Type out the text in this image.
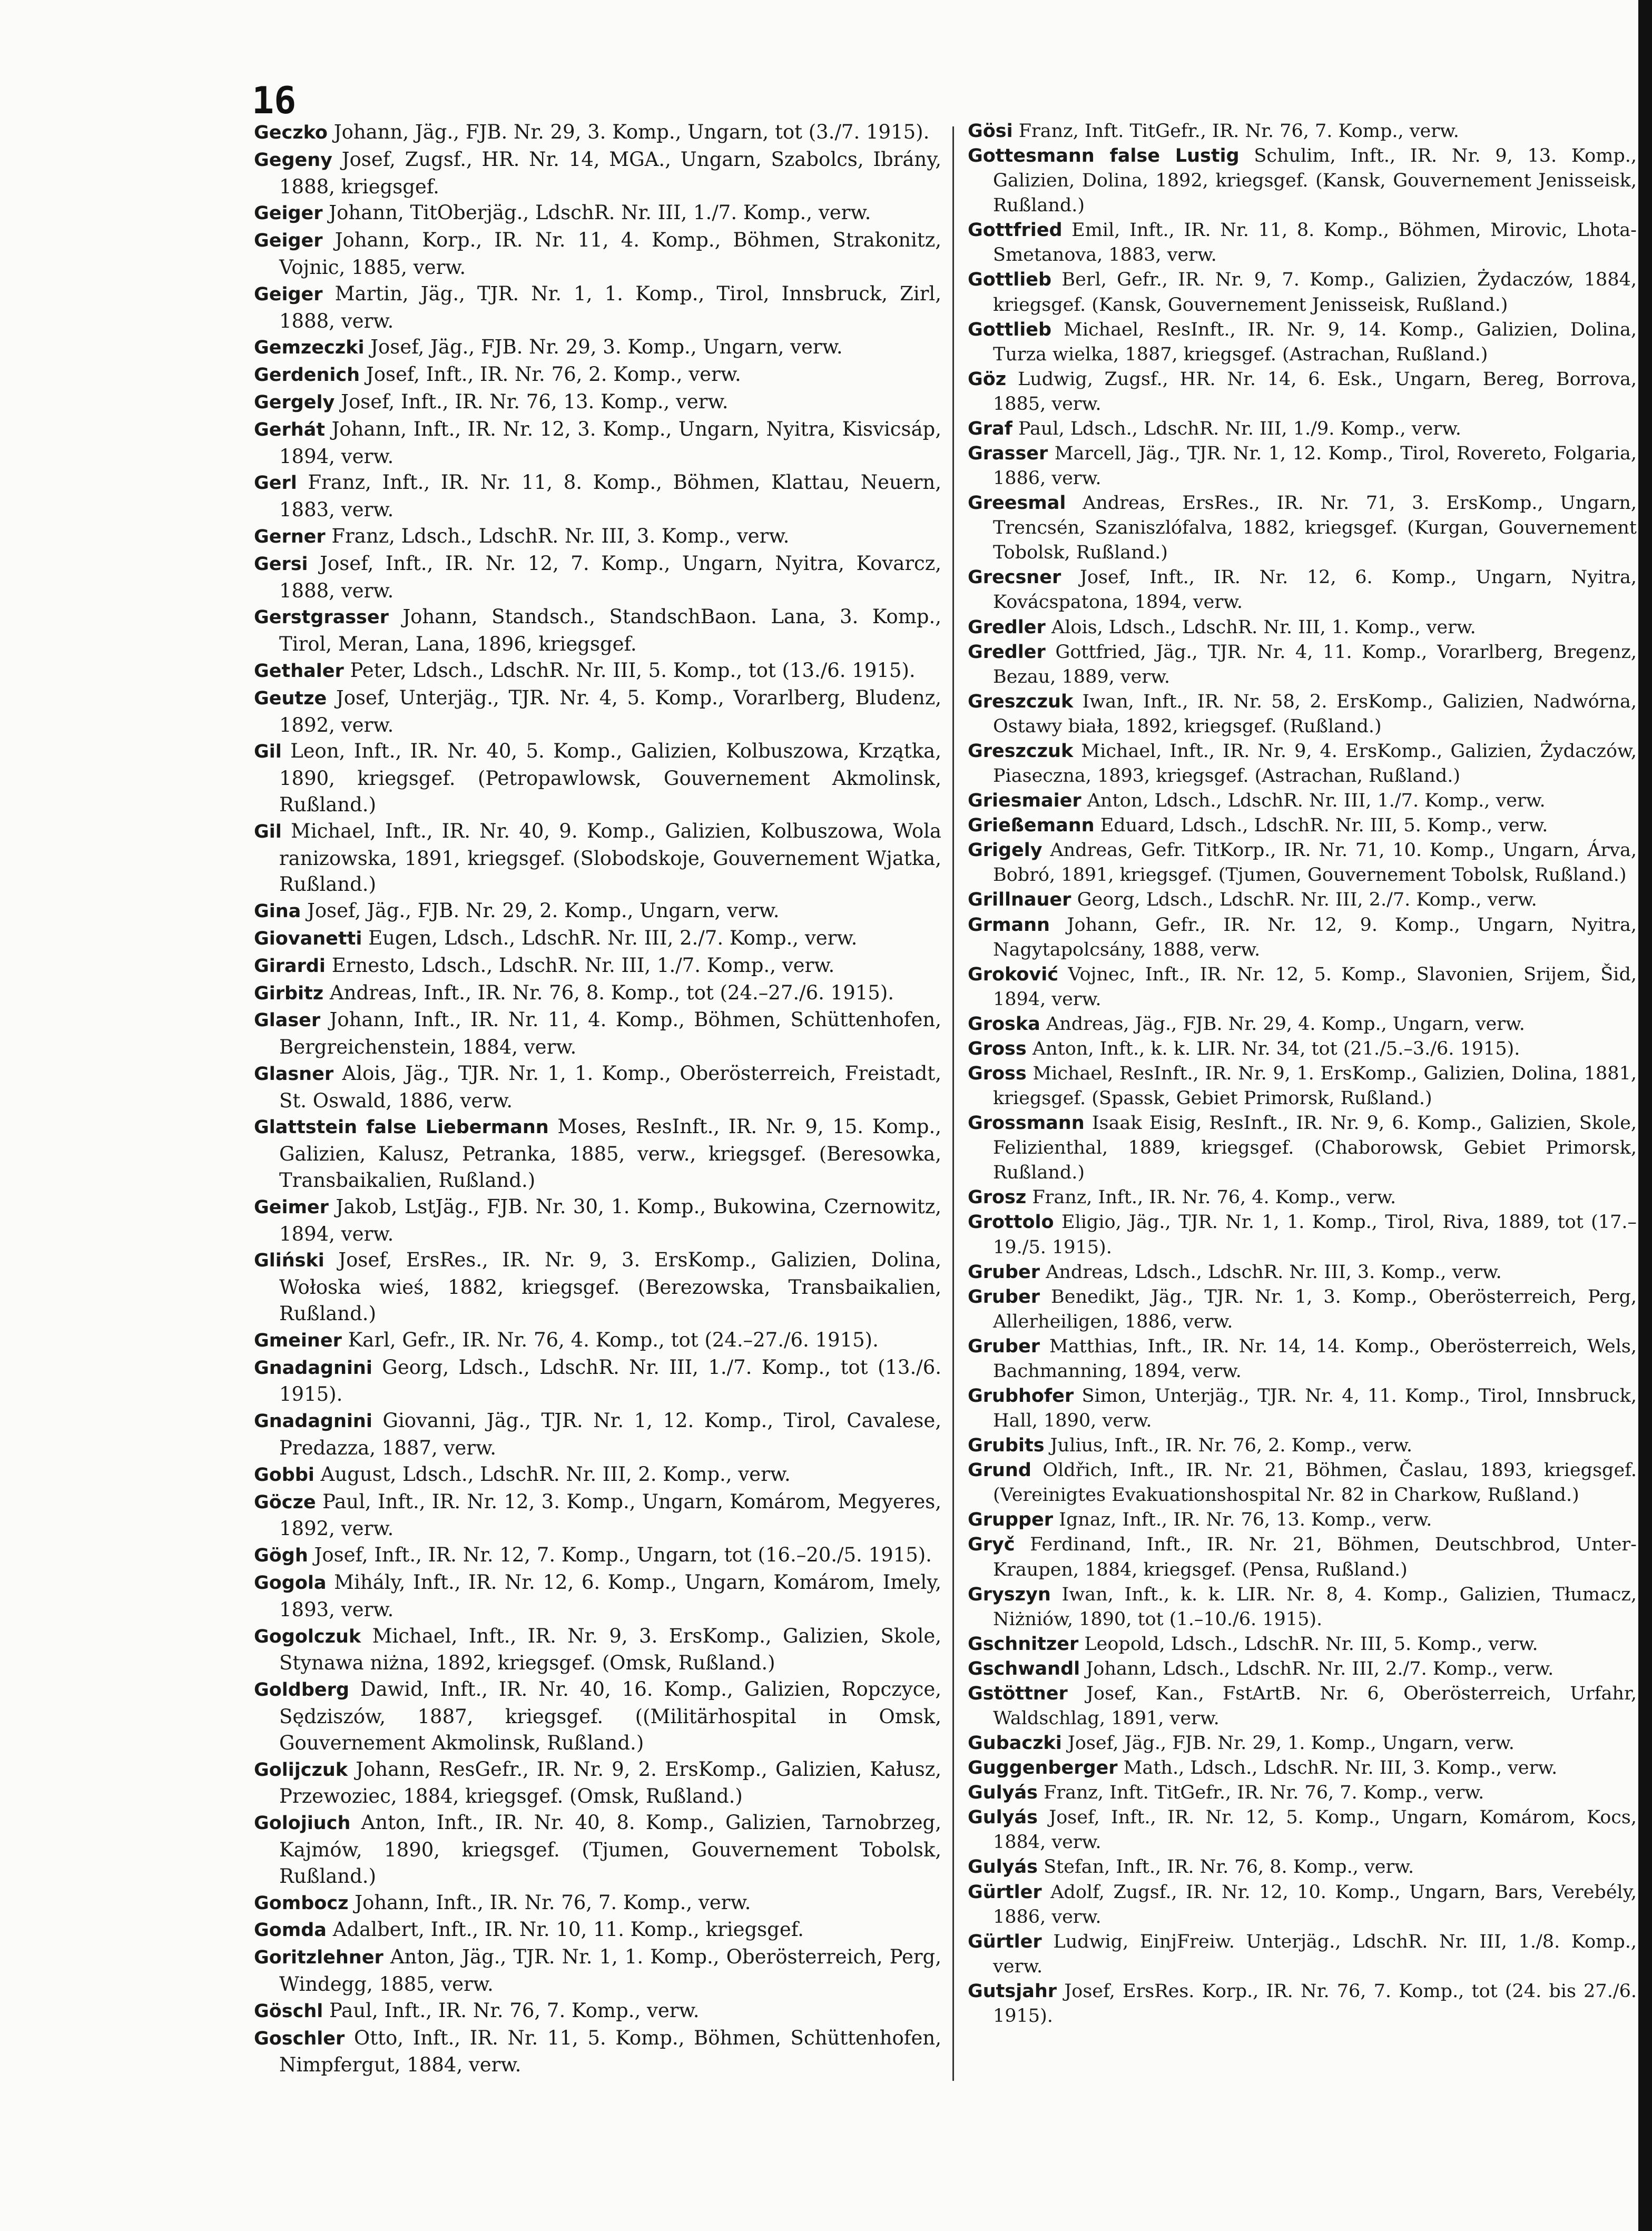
16

Geczko Johann, Jäg., FJB. Nr. 29, 3. Komp., Ungarn, tot (3./7. 1915).

Gegeny Josef, Zugsf., HR. Nr. 14, MGA., Ungarn, Szabolcs, Ibrány, 1888, kriegsgef.

Geiger Johann, TitOberjäg., LdschR. Nr. III, 1./7. Komp., verw.

Geiger Johann, Korp., IR. Nr. 11, 4. Komp., Böhmen, Strakonitz, Vojnic, 1885, verw.

Geiger Martin, Jäg., TJR. Nr. 1, 1. Komp., Tirol, Innsbruck, Zirl, 1888, verw.

Gemzeczki Josef, Jäg., FJB. Nr. 29, 3. Komp., Ungarn, verw.

Gerdenich Josef, Inft., IR. Nr. 76, 2. Komp., verw.

Gergely Josef, Inft., IR. Nr. 76, 13. Komp., verw.

Gerhát Johann, Inft., IR. Nr. 12, 3. Komp., Ungarn, Nyitra, Kisvicsáp, 1894, verw.

Gerl Franz, Inft., IR. Nr. 11, 8. Komp., Böhmen, Klattau, Neuern, 1883, verw.

Gerner Franz, Ldsch., LdschR. Nr. III, 3. Komp., verw.

Gersi Josef, Inft., IR. Nr. 12, 7. Komp., Ungarn, Nyitra, Kovarcz, 1888, verw.

Gerstgrasser Johann, Standsch., StandschBaon. Lana, 3. Komp., Tirol, Meran, Lana, 1896, kriegsgef.

Gethaler Peter, Ldsch., LdschR. Nr. III, 5. Komp., tot (13./6. 1915).

Geutze Josef, Unterjäg., TJR. Nr. 4, 5. Komp., Vorarlberg, Bludenz, 1892, verw.

Gil Leon, Inft., IR. Nr. 40, 5. Komp., Galizien, Kolbuszowa, Krzątka, 1890, kriegsgef. (Petropawlowsk, Gouvernement Akmolinsk, Rußland.)

Gil Michael, Inft., IR. Nr. 40, 9. Komp., Galizien, Kolbuszowa, Wola ranizowska, 1891, kriegsgef. (Slobodskoje, Gouvernement Wjatka, Rußland.)

Gina Josef, Jäg., FJB. Nr. 29, 2. Komp., Ungarn, verw.

Giovanetti Eugen, Ldsch., LdschR. Nr. III, 2./7. Komp., verw.

Girardi Ernesto, Ldsch., LdschR. Nr. III, 1./7. Komp., verw.

Girbitz Andreas, Inft., IR. Nr. 76, 8. Komp., tot (24.–27./6. 1915).

Glaser Johann, Inft., IR. Nr. 11, 4. Komp., Böhmen, Schüttenhofen, Bergreichenstein, 1884, verw.

Glasner Alois, Jäg., TJR. Nr. 1, 1. Komp., Oberösterreich, Freistadt, St. Oswald, 1886, verw.

Glattstein false Liebermann Moses, ResInft., IR. Nr. 9, 15. Komp., Galizien, Kalusz, Petranka, 1885, verw., kriegsgef. (Beresowka, Transbaikalien, Rußland.)

Geimer Jakob, LstJäg., FJB. Nr. 30, 1. Komp., Bukowina, Czernowitz, 1894, verw.

Gliński Josef, ErsRes., IR. Nr. 9, 3. ErsKomp., Galizien, Dolina, Wołoska wieś, 1882, kriegsgef. (Berezowska, Transbaikalien, Rußland.)

Gmeiner Karl, Gefr., IR. Nr. 76, 4. Komp., tot (24.–27./6. 1915).

Gnadagnini Georg, Ldsch., LdschR. Nr. III, 1./7. Komp., tot (13./6. 1915).

Gnadagnini Giovanni, Jäg., TJR. Nr. 1, 12. Komp., Tirol, Cavalese, Predazza, 1887, verw.

Gobbi August, Ldsch., LdschR. Nr. III, 2. Komp., verw.

Göcze Paul, Inft., IR. Nr. 12, 3. Komp., Ungarn, Komárom, Megyeres, 1892, verw.

Gögh Josef, Inft., IR. Nr. 12, 7. Komp., Ungarn, tot (16.–20./5. 1915).

Gogola Mihály, Inft., IR. Nr. 12, 6. Komp., Ungarn, Komárom, Imely, 1893, verw.

Gogolczuk Michael, Inft., IR. Nr. 9, 3. ErsKomp., Galizien, Skole, Stynawa niżna, 1892, kriegsgef. (Omsk, Rußland.)

Goldberg Dawid, Inft., IR. Nr. 40, 16. Komp., Galizien, Ropczyce, Sędziszów, 1887, kriegsgef. ((Militärhospital in Omsk, Gouvernement Akmolinsk, Rußland.)

Golijczuk Johann, ResGefr., IR. Nr. 9, 2. ErsKomp., Galizien, Kałusz, Przewoziec, 1884, kriegsgef. (Omsk, Rußland.)

Golojiuch Anton, Inft., IR. Nr. 40, 8. Komp., Galizien, Tarnobrzeg, Kajmów, 1890, kriegsgef. (Tjumen, Gouvernement Tobolsk, Rußland.)

Gombocz Johann, Inft., IR. Nr. 76, 7. Komp., verw.

Gomda Adalbert, Inft., IR. Nr. 10, 11. Komp., kriegsgef.

Goritzlehner Anton, Jäg., TJR. Nr. 1, 1. Komp., Oberösterreich, Perg, Windegg, 1885, verw.

Göschl Paul, Inft., IR. Nr. 76, 7. Komp., verw.

Goschler Otto, Inft., IR. Nr. 11, 5. Komp., Böhmen, Schüttenhofen, Nimpfergut, 1884, verw.

Gösi Franz, Inft. TitGefr., IR. Nr. 76, 7. Komp., verw.

Gottesmann false Lustig Schulim, Inft., IR. Nr. 9, 13. Komp., Galizien, Dolina, 1892, kriegsgef. (Kansk, Gouvernement Jenisseisk, Rußland.)

Gottfried Emil, Inft., IR. Nr. 11, 8. Komp., Böhmen, Mirovic, Lhota-Smetanova, 1883, verw.

Gottlieb Berl, Gefr., IR. Nr. 9, 7. Komp., Galizien, Żydaczów, 1884, kriegsgef. (Kansk, Gouvernement Jenisseisk, Rußland.)

Gottlieb Michael, ResInft., IR. Nr. 9, 14. Komp., Galizien, Dolina, Turza wielka, 1887, kriegsgef. (Astrachan, Rußland.)

Göz Ludwig, Zugsf., HR. Nr. 14, 6. Esk., Ungarn, Bereg, Borrova, 1885, verw.

Graf Paul, Ldsch., LdschR. Nr. III, 1./9. Komp., verw.

Grasser Marcell, Jäg., TJR. Nr. 1, 12. Komp., Tirol, Rovereto, Folgaria, 1886, verw.

Greesmal Andreas, ErsRes., IR. Nr. 71, 3. ErsKomp., Ungarn, Trencsén, Szaniszlófalva, 1882, kriegsgef. (Kurgan, Gouvernement Tobolsk, Rußland.)

Grecsner Josef, Inft., IR. Nr. 12, 6. Komp., Ungarn, Nyitra, Kovácspatona, 1894, verw.

Gredler Alois, Ldsch., LdschR. Nr. III, 1. Komp., verw.

Gredler Gottfried, Jäg., TJR. Nr. 4, 11. Komp., Vorarlberg, Bregenz, Bezau, 1889, verw.

Greszczuk Iwan, Inft., IR. Nr. 58, 2. ErsKomp., Galizien, Nadwórna, Ostawy biała, 1892, kriegsgef. (Rußland.)

Greszczuk Michael, Inft., IR. Nr. 9, 4. ErsKomp., Galizien, Żydaczów, Piaseczna, 1893, kriegsgef. (Astrachan, Rußland.)

Griesmaier Anton, Ldsch., LdschR. Nr. III, 1./7. Komp., verw.

Grießemann Eduard, Ldsch., LdschR. Nr. III, 5. Komp., verw.

Grigely Andreas, Gefr. TitKorp., IR. Nr. 71, 10. Komp., Ungarn, Árva, Bobró, 1891, kriegsgef. (Tjumen, Gouvernement Tobolsk, Rußland.)

Grillnauer Georg, Ldsch., LdschR. Nr. III, 2./7. Komp., verw.

Grmann Johann, Gefr., IR. Nr. 12, 9. Komp., Ungarn, Nyitra, Nagytapolcsány, 1888, verw.

Groković Vojnec, Inft., IR. Nr. 12, 5. Komp., Slavonien, Srijem, Šid, 1894, verw.

Groska Andreas, Jäg., FJB. Nr. 29, 4. Komp., Ungarn, verw.

Gross Anton, Inft., k. k. LIR. Nr. 34, tot (21./5.–3./6. 1915).

Gross Michael, ResInft., IR. Nr. 9, 1. ErsKomp., Galizien, Dolina, 1881, kriegsgef. (Spassk, Gebiet Primorsk, Rußland.)

Grossmann Isaak Eisig, ResInft., IR. Nr. 9, 6. Komp., Galizien, Skole, Felizienthal, 1889, kriegsgef. (Chaborowsk, Gebiet Primorsk, Rußland.)

Grosz Franz, Inft., IR. Nr. 76, 4. Komp., verw.

Grottolo Eligio, Jäg., TJR. Nr. 1, 1. Komp., Tirol, Riva, 1889, tot (17.–19./5. 1915).

Gruber Andreas, Ldsch., LdschR. Nr. III, 3. Komp., verw.

Gruber Benedikt, Jäg., TJR. Nr. 1, 3. Komp., Oberösterreich, Perg, Allerheiligen, 1886, verw.

Gruber Matthias, Inft., IR. Nr. 14, 14. Komp., Oberösterreich, Wels, Bachmanning, 1894, verw.

Grubhofer Simon, Unterjäg., TJR. Nr. 4, 11. Komp., Tirol, Innsbruck, Hall, 1890, verw.

Grubits Julius, Inft., IR. Nr. 76, 2. Komp., verw.

Grund Oldřich, Inft., IR. Nr. 21, Böhmen, Časlau, 1893, kriegsgef. (Vereinigtes Evakuationshospital Nr. 82 in Charkow, Rußland.)

Grupper Ignaz, Inft., IR. Nr. 76, 13. Komp., verw.

Gryč Ferdinand, Inft., IR. Nr. 21, Böhmen, Deutschbrod, Unter-Kraupen, 1884, kriegsgef. (Pensa, Rußland.)

Gryszyn Iwan, Inft., k. k. LIR. Nr. 8, 4. Komp., Galizien, Tłumacz, Niżniów, 1890, tot (1.–10./6. 1915).

Gschnitzer Leopold, Ldsch., LdschR. Nr. III, 5. Komp., verw.

Gschwandl Johann, Ldsch., LdschR. Nr. III, 2./7. Komp., verw.

Gstöttner Josef, Kan., FstArtB. Nr. 6, Oberösterreich, Urfahr, Waldschlag, 1891, verw.

Gubaczki Josef, Jäg., FJB. Nr. 29, 1. Komp., Ungarn, verw.

Guggenberger Math., Ldsch., LdschR. Nr. III, 3. Komp., verw.

Gulyás Franz, Inft. TitGefr., IR. Nr. 76, 7. Komp., verw.

Gulyás Josef, Inft., IR. Nr. 12, 5. Komp., Ungarn, Komárom, Kocs, 1884, verw.

Gulyás Stefan, Inft., IR. Nr. 76, 8. Komp., verw.

Gürtler Adolf, Zugsf., IR. Nr. 12, 10. Komp., Ungarn, Bars, Verebély, 1886, verw.

Gürtler Ludwig, EinjFreiw. Unterjäg., LdschR. Nr. III, 1./8. Komp., verw.

Gutsjahr Josef, ErsRes. Korp., IR. Nr. 76, 7. Komp., tot (24. bis 27./6. 1915).
